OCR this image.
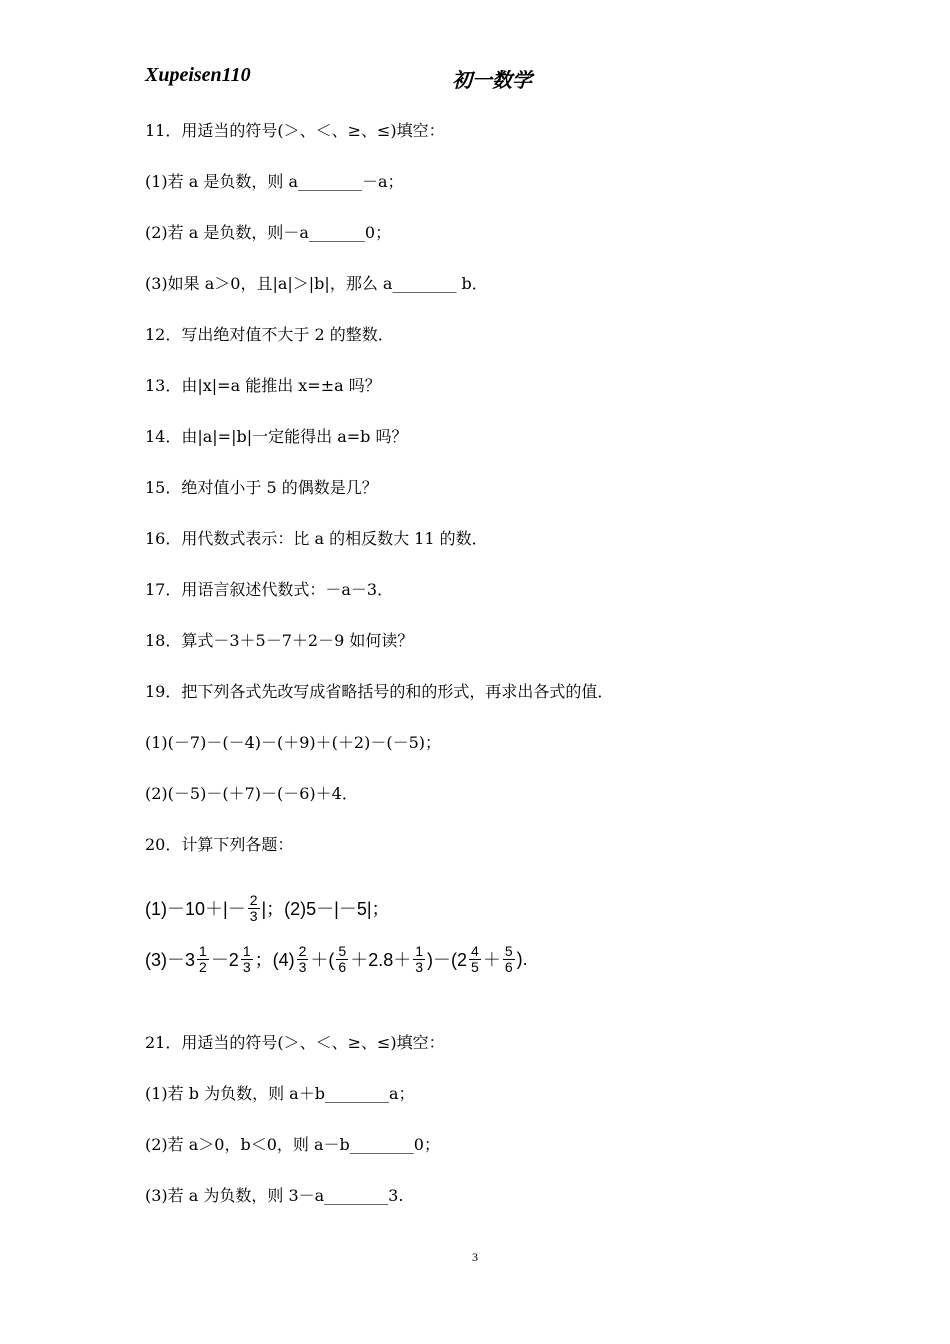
Xupeisen110	初一数学
11．用适当的符号(＞、＜、≥、≤)填空：
(1)若 a 是负数，则 a________－a；
(2)若 a 是负数，则－a_______0；
(3)如果 a＞0，且|a|＞|b|，那么 a________ b．
12．写出绝对值不大于 2 的整数．
13．由|x|=a 能推出 x=±a 吗？
14．由|a|=|b|一定能得出 a=b 吗？
15．绝对值小于 5 的偶数是几？
16．用代数式表示：比 a 的相反数大 11 的数．
17．用语言叙述代数式：－a－3．
18．算式－3＋5－7＋2－9 如何读？
19．把下列各式先改写成省略括号的和的形式，再求出各式的值．
(1)(－7)－(－4)－(＋9)＋(＋2)－(－5)；
(2)(－5)－(＋7)－(－6)＋4．
20．计算下列各题：
$(1)-10+|- \frac{2}{3}$ |；(2)5－|－5|；
$(3)-3 \frac{1}{2} -2 \frac{1}{3}$ ；$(4) \frac{2}{3}$ ＋( $\frac{5}{6} +2.8+ \frac{1}{3} )-(2 \frac{4}{5} + \frac{5}{6}$ ).
21．用适当的符号(＞、＜、≥、≤)填空：
(1)若 b 为负数，则 a＋b________a；
(2)若 a＞0，b＜0，则 a－b________0；
(3)若 a 为负数，则 3－a________3.
3
